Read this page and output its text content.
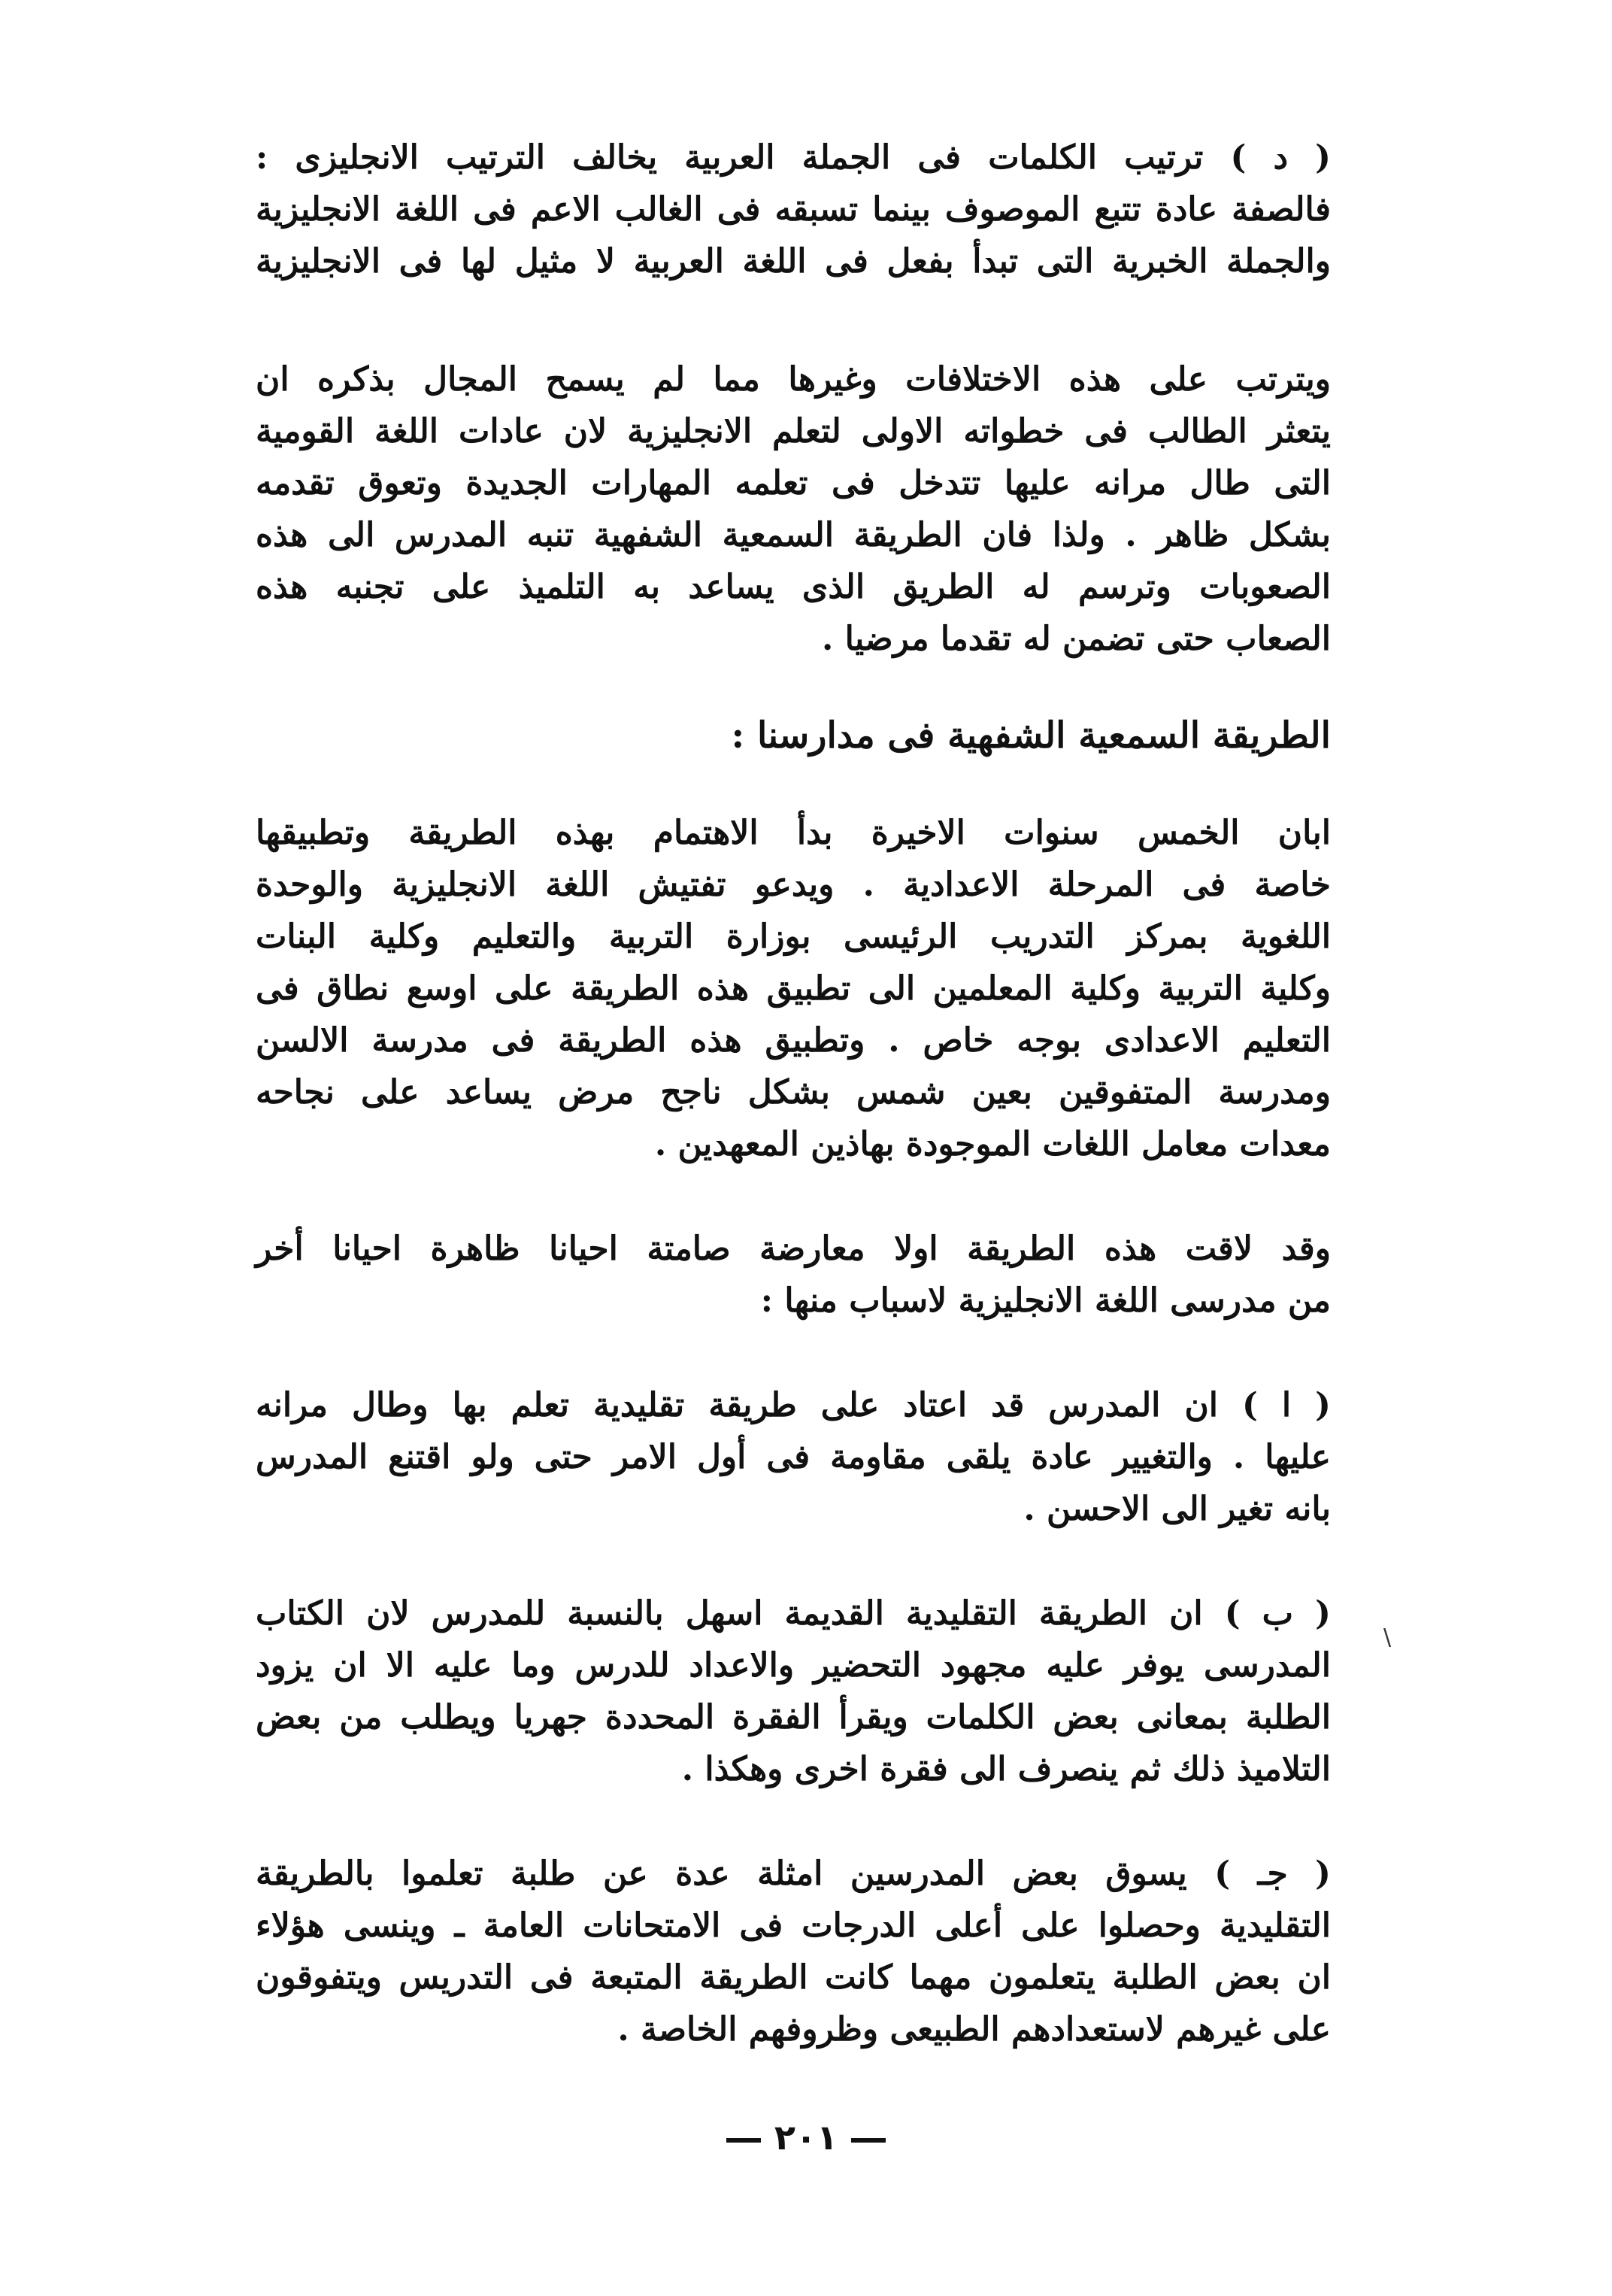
( د ) ترتيب الكلمات فى الجملة العربية يخالف الترتيب الانجليزى :
فالصفة عادة تتبع الموصوف بينما تسبقه فى الغالب الاعم فى اللغة الانجليزية
والجملة الخبرية التى تبدأ بفعل فى اللغة العربية لا مثيل لها فى الانجليزية
ويترتب على هذه الاختلافات وغيرها مما لم يسمح المجال بذكره ان
يتعثر الطالب فى خطواته الاولى لتعلم الانجليزية لان عادات اللغة القومية
التى طال مرانه عليها تتدخل فى تعلمه المهارات الجديدة وتعوق تقدمه
بشكل ظاهر . ولذا فان الطريقة السمعية الشفهية تنبه المدرس الى هذه
الصعوبات وترسم له الطريق الذى يساعد به التلميذ على تجنبه هذه
الصعاب حتى تضمن له تقدما مرضيا .
الطريقة السمعية الشفهية فى مدارسنا :
ابان الخمس سنوات الاخيرة بدأ الاهتمام بهذه الطريقة وتطبيقها
خاصة فى المرحلة الاعدادية . ويدعو تفتيش اللغة الانجليزية والوحدة
اللغوية بمركز التدريب الرئيسى بوزارة التربية والتعليم وكلية البنات
وكلية التربية وكلية المعلمين الى تطبيق هذه الطريقة على اوسع نطاق فى
التعليم الاعدادى بوجه خاص . وتطبيق هذه الطريقة فى مدرسة الالسن
ومدرسة المتفوقين بعين شمس بشكل ناجح مرض يساعد على نجاحه
معدات معامل اللغات الموجودة بهاذين المعهدين .
وقد لاقت هذه الطريقة اولا معارضة صامتة احيانا ظاهرة احيانا أخر
من مدرسى اللغة الانجليزية لاسباب منها :
( ا ) ان المدرس قد اعتاد على طريقة تقليدية تعلم بها وطال مرانه
عليها . والتغيير عادة يلقى مقاومة فى أول الامر حتى ولو اقتنع المدرس
بانه تغير الى الاحسن .
( ب ) ان الطريقة التقليدية القديمة اسهل بالنسبة للمدرس لان الكتاب
المدرسى يوفر عليه مجهود التحضير والاعداد للدرس وما عليه الا ان يزود
الطلبة بمعانى بعض الكلمات ويقرأ الفقرة المحددة جهريا ويطلب من بعض
التلاميذ ذلك ثم ينصرف الى فقرة اخرى وهكذا .
( جـ ) يسوق بعض المدرسين امثلة عدة عن طلبة تعلموا بالطريقة
التقليدية وحصلوا على أعلى الدرجات فى الامتحانات العامة ـ وينسى هؤلاء
ان بعض الطلبة يتعلمون مهما كانت الطريقة المتبعة فى التدريس ويتفوقون
على غيرهم لاستعدادهم الطبيعى وظروفهم الخاصة .
\
٢٠١
